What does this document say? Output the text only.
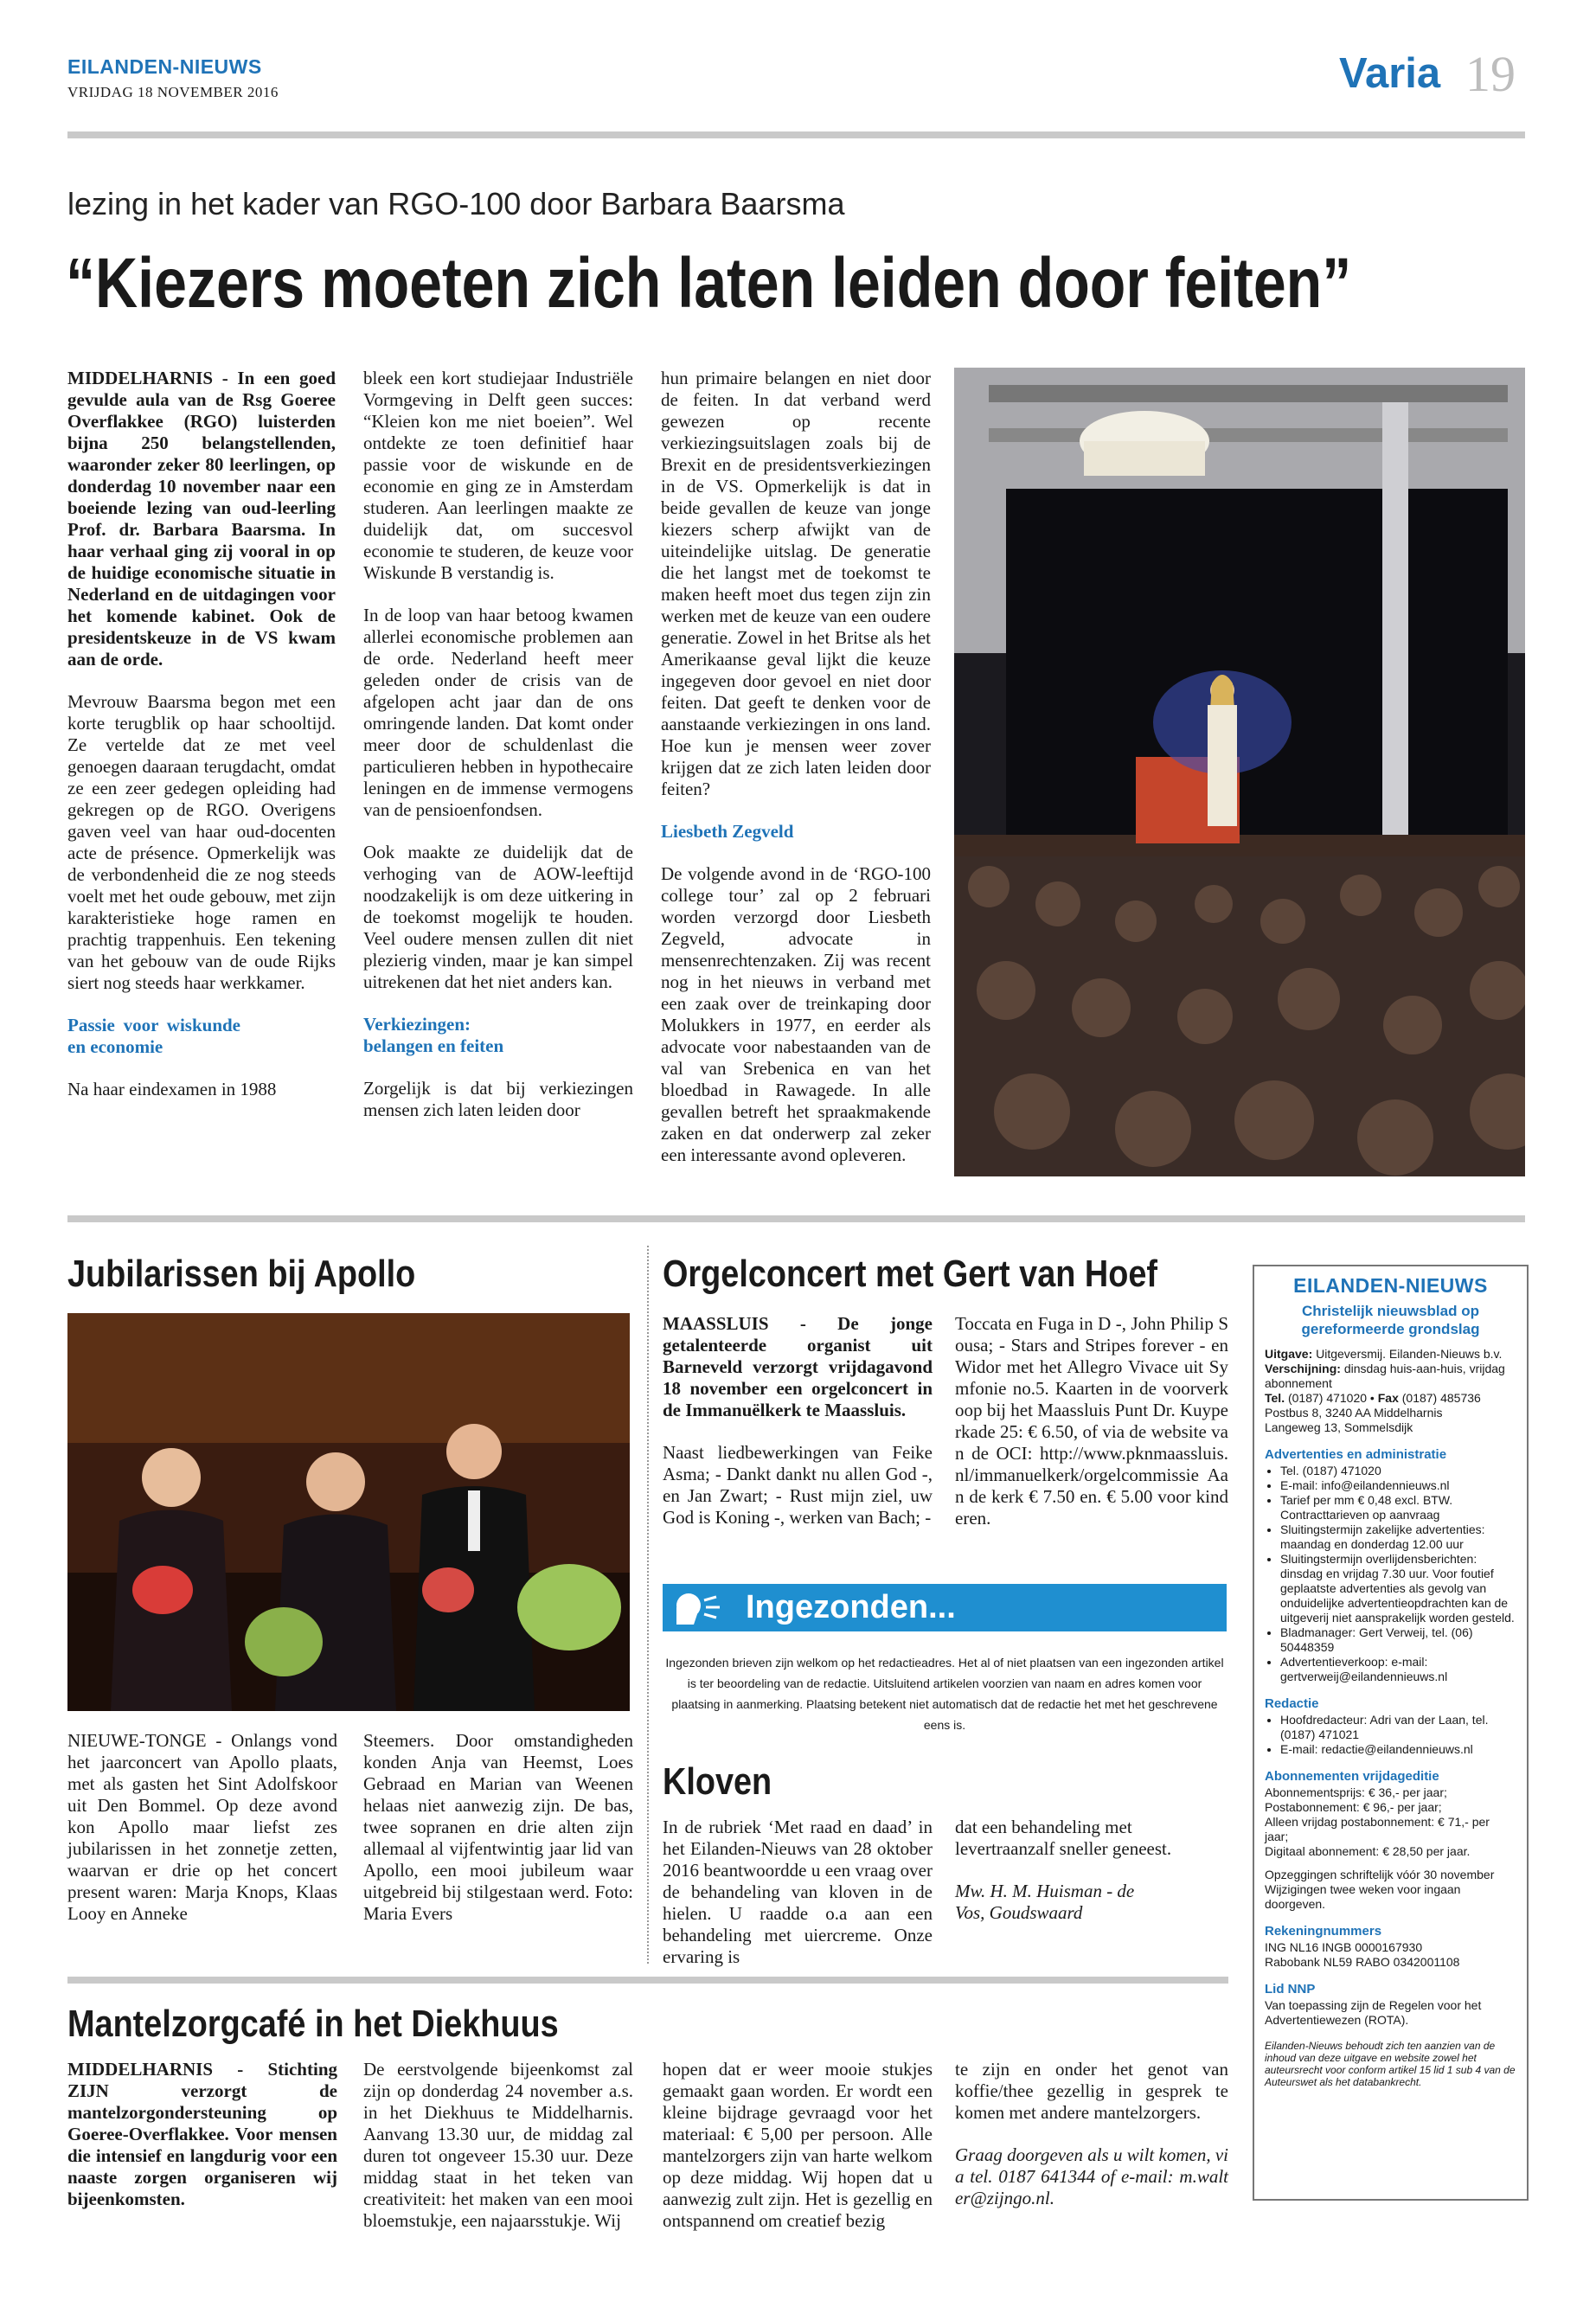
EILANDEN-NIEUWS
VRIJDAG 18 NOVEMBER 2016	Varia 19
lezing in het kader van RGO-100 door Barbara Baarsma
“Kiezers moeten zich laten leiden door feiten”

MIDDELHARNIS - In een goed gevulde aula van de Rsg Goeree Overflakkee (RGO) luisterden bijna 250 belangstellenden, waaronder zeker 80 leerlingen, op donderdag 10 november naar een boeiende lezing van oud-leerling Prof. dr. Barbara Baarsma. In haar verhaal ging zij vooral in op de huidige economische situatie in Nederland en de uitdagingen voor het komende kabinet. Ook de presidentskeuze in de VS kwam aan de orde.

Mevrouw Baarsma begon met een korte terugblik op haar schooltijd. Ze vertelde dat ze met veel genoegen daaraan terugdacht, omdat ze een zeer gedegen opleiding had gekregen op de RGO. Overigens gaven veel van haar oud-docenten acte de présence. Opmerkelijk was de verbondenheid die ze nog steeds voelt met het oude gebouw, met zijn karakteristieke hoge ramen en prachtig trappenhuis. Een tekening van het gebouw van de oude Rijks siert nog steeds haar werkkamer.

Passie voor wiskunde en economie

Na haar eindexamen in 1988

bleek een kort studiejaar Industriële Vormgeving in Delft geen succes: “Kleien kon me niet boeien”. Wel ontdekte ze toen definitief haar passie voor de wiskunde en de economie en ging ze in Amsterdam studeren. Aan leerlingen maakte ze duidelijk dat, om succesvol economie te studeren, de keuze voor Wiskunde B verstandig is.

In de loop van haar betoog kwamen allerlei economische problemen aan de orde. Nederland heeft meer geleden onder de crisis van de afgelopen acht jaar dan de ons omringende landen. Dat komt onder meer door de schuldenlast die particulieren hebben in hypothecaire leningen en de immense vermogens van de pensioenfondsen.

Ook maakte ze duidelijk dat de verhoging van de AOW-leeftijd noodzakelijk is om deze uitkering in de toekomst mogelijk te houden. Veel oudere mensen zullen dit niet plezierig vinden, maar je kan simpel uitrekenen dat het niet anders kan.

Verkiezingen: belangen en feiten

Zorgelijk is dat bij verkiezingen mensen zich laten leiden door

hun primaire belangen en niet door de feiten. In dat verband werd gewezen op recente verkiezingsuitslagen zoals bij de Brexit en de presidentsverkiezingen in de VS. Opmerkelijk is dat in beide gevallen de keuze van jonge kiezers scherp afwijkt van de uiteindelijke uitslag. De generatie die het langst met de toekomst te maken heeft moet dus tegen zijn zin werken met de keuze van een oudere generatie. Zowel in het Britse als het Amerikaanse geval lijkt die keuze ingegeven door gevoel en niet door feiten. Dat geeft te denken voor de aanstaande verkiezingen in ons land. Hoe kun je mensen weer zover krijgen dat ze zich laten leiden door feiten?

Liesbeth Zegveld

De volgende avond in de ‘RGO-100 college tour’ zal op 2 februari worden verzorgd door Liesbeth Zegveld, advocate in mensenrechtenzaken. Zij was recent nog in het nieuws in verband met een zaak over de treinkaping door Molukkers in 1977, en eerder als advocate voor nabestaanden van de val van Srebenica en van het bloedbad in Rawagede. In alle gevallen betreft het spraakmakende zaken en dat onderwerp zal zeker een interessante avond opleveren.

Jubilarissen bij Apollo

NIEUWE-TONGE - Onlangs vond het jaarconcert van Apollo plaats, met als gasten het Sint Adolfskoor uit Den Bommel. Op deze avond kon Apollo maar liefst zes jubilarissen in het zonnetje zetten, waarvan er drie op het concert present waren: Marja Knops, Klaas Looy en Anneke

Steemers. Door omstandigheden konden Anja van Heemst, Loes Gebraad en Marian van Weenen helaas niet aanwezig zijn. De bas, twee sopranen en drie alten zijn allemaal al vijfentwintig jaar lid van Apollo, een mooi jubileum waar uitgebreid bij stilgestaan werd. Foto: Maria Evers

Orgelconcert met Gert van Hoef

MAASSLUIS - De jonge getalenteerde organist uit Barneveld verzorgt vrijdagavond 18 november een orgelconcert in de Immanuëlkerk te Maassluis.

Naast liedbewerkingen van Feike Asma; - Dankt dankt nu allen God -, en Jan Zwart; - Rust mijn ziel, uw God is Koning -, werken van Bach; -

Toccata en Fuga in D -, John Philip Sousa; - Stars and Stripes forever - en Widor met het Allegro Vivace uit Symfonie no.5. Kaarten in de voorverkoop bij het Maassluis Punt Dr. Kuyperkade 25: € 6.50, of via de website van de OCI: http://www.pknmaassluis.nl/immanuelkerk/orgelcommissie Aan de kerk € 7.50 en. € 5.00 voor kinderen.

Ingezonden...
Ingezonden brieven zijn welkom op het redactieadres. Het al of niet plaatsen van een ingezonden artikel is ter beoordeling van de redactie. Uitsluitend artikelen voorzien van naam en adres komen voor plaatsing in aanmerking. Plaatsing betekent niet automatisch dat de redactie het met het geschrevene eens is.
Kloven

In de rubriek ‘Met raad en daad’ in het Eilanden-Nieuws van 28 oktober 2016 beantwoordde u een vraag over de behandeling van kloven in de hielen. U raadde o.a aan een behandeling met uiercreme. Onze ervaring is

dat een behandeling met levertraanzalf sneller geneest.

Mw. H. M. Huisman - de Vos, Goudswaard

Mantelzorgcafé in het Diekhuus

MIDDELHARNIS - Stichting ZIJN verzorgt de mantelzorgondersteuning op Goeree-Overflakkee. Voor mensen die intensief en langdurig voor een naaste zorgen organiseren wij bijeenkomsten.

De eerstvolgende bijeenkomst zal zijn op donderdag 24 november a.s. in het Diekhuus te Middelharnis. Aanvang 13.30 uur, de middag zal duren tot ongeveer 15.30 uur. Deze middag staat in het teken van creativiteit: het maken van een mooi bloemstukje, een najaarsstukje. Wij

hopen dat er weer mooie stukjes gemaakt gaan worden. Er wordt een kleine bijdrage gevraagd voor het materiaal: € 5,00 per persoon. Alle mantelzorgers zijn van harte welkom op deze middag. Wij hopen dat u aanwezig zult zijn. Het is gezellig en ontspannend om creatief bezig

te zijn en onder het genot van koffie/thee gezellig in gesprek te komen met andere mantelzorgers.

Graag doorgeven als u wilt komen, via tel. 0187 641344 of e-mail: m.walter@zijngo.nl.

EILANDEN-NIEUWS
Christelijk nieuwsblad op gereformeerde grondslag
Uitgave: Uitgeversmij. Eilanden-Nieuws b.v.
Verschijning: dinsdag huis-aan-huis, vrijdag abonnement
Tel. (0187) 471020 • Fax (0187) 485736
Postbus 8, 3240 AA Middelharnis
Langeweg 13, Sommelsdijk
Advertenties en administratie
• Tel. (0187) 471020
• E-mail: info@eilandennieuws.nl
• Tarief per mm € 0,48 excl. BTW. Contracttarieven op aanvraag
• Sluitingstermijn zakelijke advertenties: maandag en donderdag 12.00 uur
• Sluitingstermijn overlijdensberichten: dinsdag en vrijdag 7.30 uur. Voor foutief geplaatste advertenties als gevolg van onduidelijke advertentieopdrachten kan de uitgeverij niet aansprakelijk worden gesteld.
• Bladmanager: Gert Verweij, tel. (06) 50448359
• Advertentieverkoop: e-mail: gertverweij@eilandennieuws.nl
Redactie
• Hoofdredacteur: Adri van der Laan, tel. (0187) 471021
• E-mail: redactie@eilandennieuws.nl
Abonnementen vrijdageditie
Abonnementsprijs: € 36,- per jaar;
Postabonnement: € 96,- per jaar;
Alleen vrijdag postabonnement: € 71,- per jaar;
Digitaal abonnement: € 28,50 per jaar.
Opzeggingen schriftelijk vóór 30 november Wijzigingen twee weken voor ingaan doorgeven.
Rekeningnummers
ING NL16 INGB 0000167930
Rabobank NL59 RABO 0342001108
Lid NNP
Van toepassing zijn de Regelen voor het Advertentiewezen (ROTA).
Eilanden-Nieuws behoudt zich ten aanzien van de inhoud van deze uitgave en website zowel het auteursrecht voor conform artikel 15 lid 1 sub 4 van de Auteurswet als het databankrecht.
